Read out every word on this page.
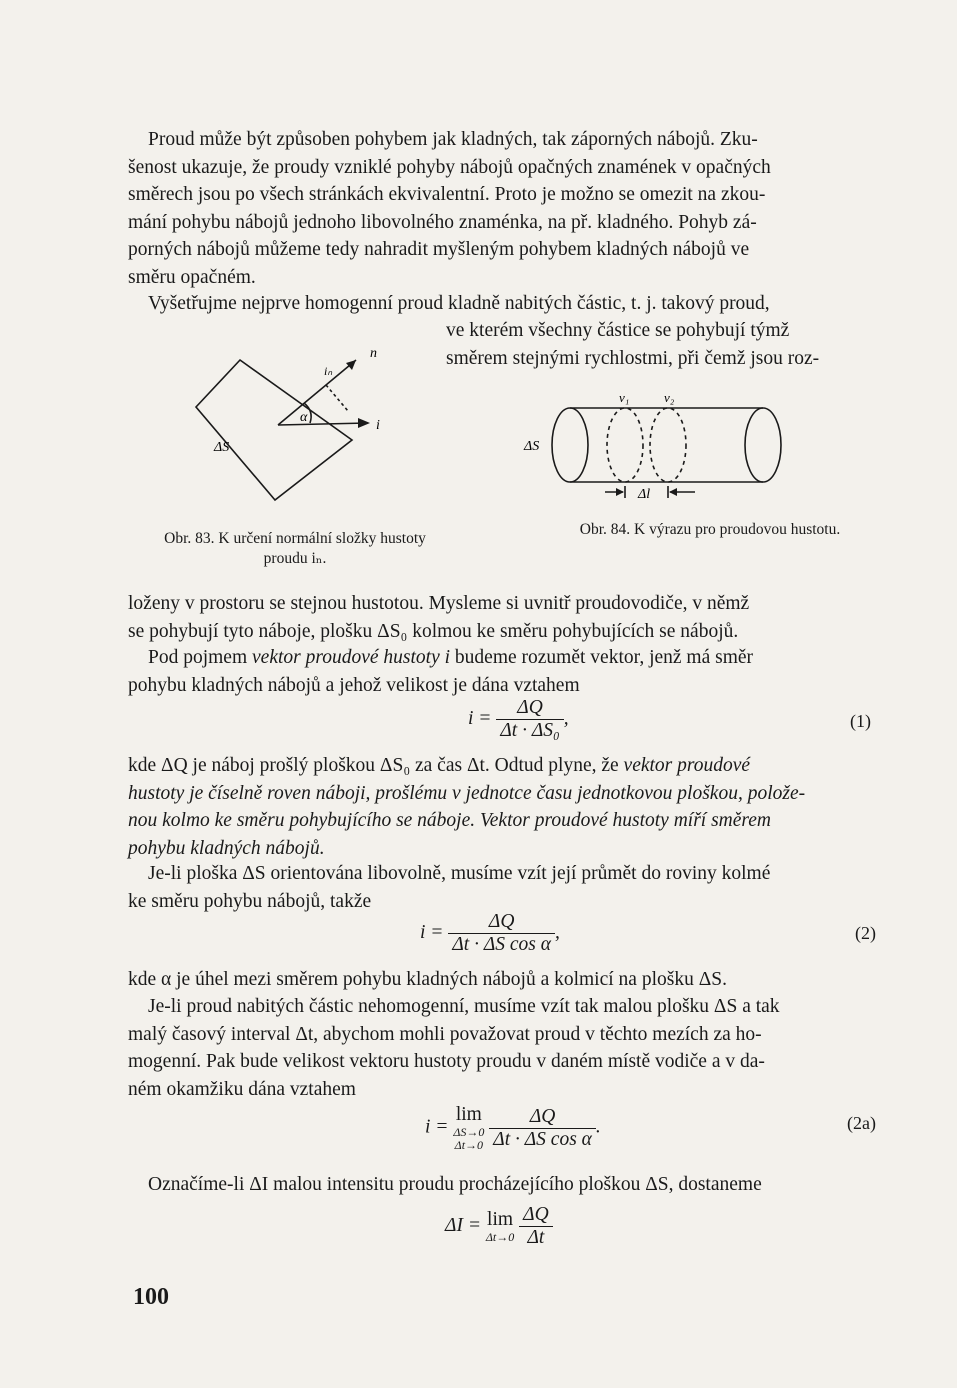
Proud může být způsoben pohybem jak kladných, tak záporných nábojů. Zku-
šenost ukazuje, že proudy vzniklé pohyby nábojů opačných znamének v opačných
směrech jsou po všech stránkách ekvivalentní. Proto je možno se omezit na zkou-
mání pohybu nábojů jednoho libovolného znaménka, na př. kladného. Pohyb zá-
porných nábojů můžeme tedy nahradit myšleným pohybem kladných nábojů ve
směru opačném.
Vyšetřujme nejprve homogenní proud kladně nabitých částic, t. j. takový proud,
ve kterém všechny částice se pohybují týmž
směrem stejnými rychlostmi, při čemž jsou roz-
n
iₙ
i
α
ΔS
v₁	v₂
ΔS
Δl
Obr. 83. K určení normální složky hustoty
proudu iₙ.
Obr. 84. K výrazu pro proudovou hustotu.
loženy v prostoru se stejnou hustotou. Mysleme si uvnitř proudovodiče, v němž
se pohybují tyto náboje, plošku ΔS₀ kolmou ke směru pohybujících se nábojů.
Pod pojmem vektor proudové hustoty i budeme rozumět vektor, jenž má směr
pohybu kladných nábojů a jehož velikost je dána vztahem
$i = \frac{\Delta Q}{\text{Δt · ΔS₀}}$ ,	(1)
kde ΔQ je náboj prošlý ploškou ΔS₀ za čas Δt. Odtud plyne, že vektor proudové
hustoty je číselně roven náboji, prošlému v jednotce času jednotkovou ploškou, polože-
nou kolmo ke směru pohybujícího se náboje. Vektor proudové hustoty míří směrem
pohybu kladných nábojů.
Je-li ploška ΔS orientována libovolně, musíme vzít její průmět do roviny kolmé
ke směru pohybu nábojů, takže
$i = \frac{\Delta Q}{\text{Δt · ΔS cos α}}$ ,	(2)
kde α je úhel mezi směrem pohybu kladných nábojů a kolmicí na plošku ΔS.
Je-li proud nabitých částic nehomogenní, musíme vzít tak malou plošku ΔS a tak
malý časový interval Δt, abychom mohli považovat proud v těchto mezích za ho-
mogenní. Pak bude velikost vektoru hustoty proudu v daném místě vodiče a v da-
ném okamžiku dána vztahem
i = lim
ΔS→0
Δt→0
$\frac{\Delta Q}{\text{Δt · ΔS cos α}}$ .	(2a)
Označíme-li ΔI malou intensitu proudu procházejícího ploškou ΔS, dostaneme
ΔI = lim
Δt→0
$\frac{\Delta Q}{\Delta t}$
100
